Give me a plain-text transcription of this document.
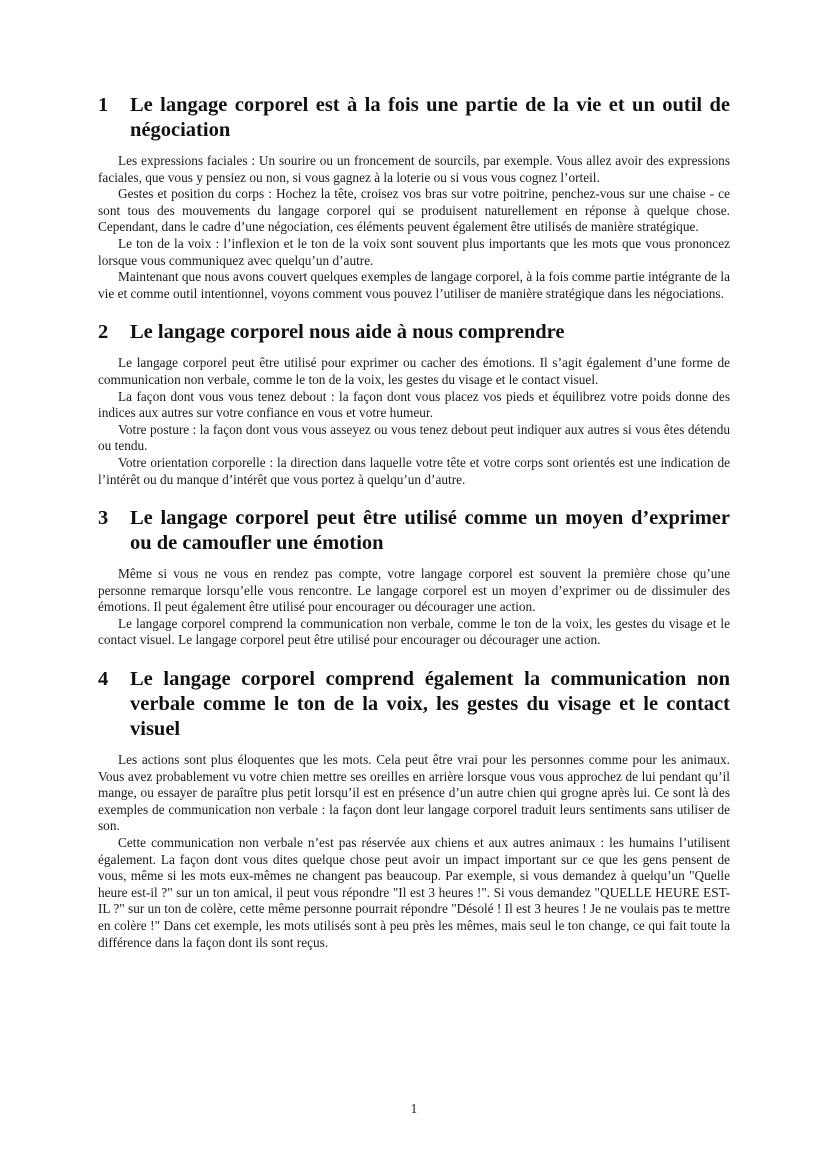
1	Le langage corporel est à la fois une partie de la vie et un outil de négociation

Les expressions faciales : Un sourire ou un froncement de sourcils, par exemple. Vous allez avoir des expressions faciales, que vous y pensiez ou non, si vous gagnez à la loterie ou si vous vous cognez l’orteil.

Gestes et position du corps : Hochez la tête, croisez vos bras sur votre poitrine, penchez-vous sur une chaise - ce sont tous des mouvements du langage corporel qui se produisent naturellement en réponse à quelque chose. Cependant, dans le cadre d’une négociation, ces éléments peuvent également être utilisés de manière stratégique.

Le ton de la voix : l’inflexion et le ton de la voix sont souvent plus importants que les mots que vous prononcez lorsque vous communiquez avec quelqu’un d’autre.

Maintenant que nous avons couvert quelques exemples de langage corporel, à la fois comme partie intégrante de la vie et comme outil intentionnel, voyons comment vous pouvez l’utiliser de manière stratégique dans les négociations.

2	Le langage corporel nous aide à nous comprendre

Le langage corporel peut être utilisé pour exprimer ou cacher des émotions. Il s’agit également d’une forme de communication non verbale, comme le ton de la voix, les gestes du visage et le contact visuel.

La façon dont vous vous tenez debout : la façon dont vous placez vos pieds et équilibrez votre poids donne des indices aux autres sur votre confiance en vous et votre humeur.

Votre posture : la façon dont vous vous asseyez ou vous tenez debout peut indiquer aux autres si vous êtes détendu ou tendu.

Votre orientation corporelle : la direction dans laquelle votre tête et votre corps sont orientés est une indication de l’intérêt ou du manque d’intérêt que vous portez à quelqu’un d’autre.

3	Le langage corporel peut être utilisé comme un moyen d’exprimer ou de camoufler une émotion

Même si vous ne vous en rendez pas compte, votre langage corporel est souvent la première chose qu’une personne remarque lorsqu’elle vous rencontre. Le langage corporel est un moyen d’exprimer ou de dissimuler des émotions. Il peut également être utilisé pour encourager ou décourager une action.

Le langage corporel comprend la communication non verbale, comme le ton de la voix, les gestes du visage et le contact visuel. Le langage corporel peut être utilisé pour encourager ou décourager une action.

4	Le langage corporel comprend également la communication non verbale comme le ton de la voix, les gestes du visage et le contact visuel

Les actions sont plus éloquentes que les mots. Cela peut être vrai pour les personnes comme pour les animaux. Vous avez probablement vu votre chien mettre ses oreilles en arrière lorsque vous vous approchez de lui pendant qu’il mange, ou essayer de paraître plus petit lorsqu’il est en présence d’un autre chien qui grogne après lui. Ce sont là des exemples de communication non verbale : la façon dont leur langage corporel traduit leurs sentiments sans utiliser de son.

Cette communication non verbale n’est pas réservée aux chiens et aux autres animaux : les humains l’utilisent également. La façon dont vous dites quelque chose peut avoir un impact important sur ce que les gens pensent de vous, même si les mots eux-mêmes ne changent pas beaucoup. Par exemple, si vous demandez à quelqu’un "Quelle heure est-il ?" sur un ton amical, il peut vous répondre "Il est 3 heures !". Si vous demandez "QUELLE HEURE EST-IL ?" sur un ton de colère, cette même personne pourrait répondre "Désolé ! Il est 3 heures ! Je ne voulais pas te mettre en colère !" Dans cet exemple, les mots utilisés sont à peu près les mêmes, mais seul le ton change, ce qui fait toute la différence dans la façon dont ils sont reçus.

1
